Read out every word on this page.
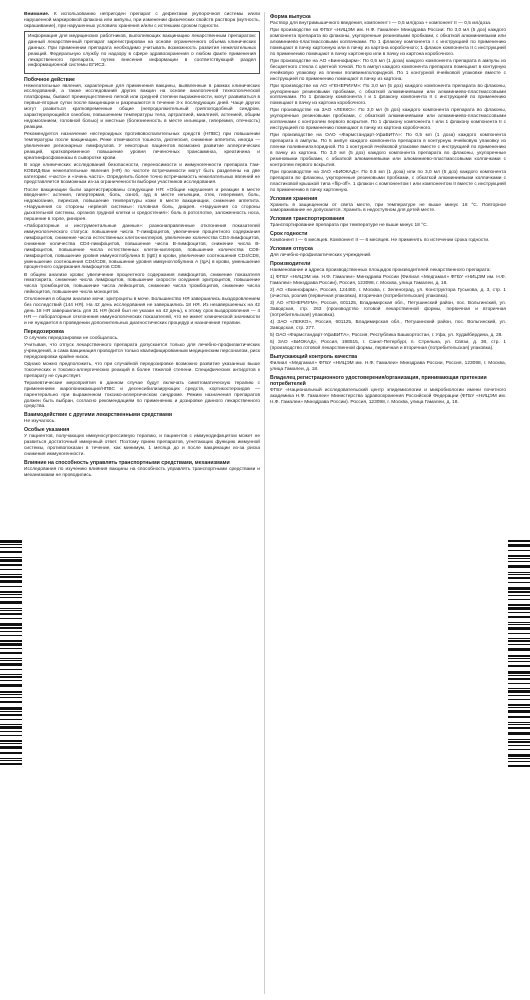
Внимание. К использованию непригоден препарат с дефектами укупорочной системы и/или нарушенной маркировкой флакона или ампулы, при изменении физических свойств раствора (мутность, окрашивание), при нарушенных условиях хранения и/или с истекшим сроком годности.

Информация для медицинских работников, выполняющих вакцинацию лекарственным препаратом: данный лекарственный препарат зарегистрирован на основе ограниченного объема клинических данных. При применении препарата необходимо учитывать возможность развития нежелательных реакций. Федеральную службу по надзору в сфере здравоохранения о любом факте применения лекарственного препарата, путем внесения информации в соответствующий раздел информационной системы ЕГИСЗ.

Побочное действие

Нежелательные явления, характерные для применения вакцины, выявленные в рамках клинических исследований, а также исследований других вакцин на основе аналогичной технологической платформы, бывают преимущественно легкой или средней степени выраженности, могут развиваться в первые-вторые сутки после вакцинации и разрешаются в течение 3-х последующих дней. Чаще других могут развиться кратковременные общие (непродолжительный гриппоподобный синдром, характеризующийся ознобом, повышением температуры тела, артралгией, миалгией, астенией, общим недомоганием, головной болью) и местные (болезненность в месте инъекции, гиперемия, отечность) реакции.

Рекомендуется назначение нестероидных противовоспалительных средств (НПВС) при повышении температуры после вакцинации. Реже отмечаются тошнота, диспепсия, снижение аппетита, иногда — увеличение регионарных лимфоузлов. У некоторых пациентов возможно развитие аллергических реакций, кратковременное повышение уровня печеночных трансаминаз, креатинина и креатинфосфокиназы в сыворотке крови.

В ходе клинических исследований безопасности, переносимости и иммуногенности препарата Гам-КОВИД-Вак нежелательные явления (НЯ) по частоте встречаемости могут быть разделены на две категории: «часто» и «очень часто». Определить более точно встречаемость нежелательных явлений не представляется возможным из-за ограниченности выборки участников исследования.

После вакцинации были зарегистрированы следующие НЯ: «Общие нарушения и реакции в месте введения»: астения, гипертермия, боль, озноб, зуд в месте инъекции, отек, гиперемия, боль, недомогание, пирексия, повышение температуры кожи в месте вакцинации, снижение аппетита. «Нарушения со стороны нервной системы»: головная боль, диарея. «Нарушения со стороны дыхательной системы, органов грудной клетки и средостения»: боль в ротоглотке, заложенность носа, першение в горле, ринорея.

«Лабораторные и инструментальные данные»: разнонаправленные отклонения показателей иммунологического статуса: повышение числа Т-лимфоцитов, увеличение процентного содержания лимфоцитов, снижение числа естественных клеток-киллеров, увеличение количества CD4-лимфоцитов, снижение количества CD4-лимфоцитов, повышение числа В-лимфоцитов, снижение числа В-лимфоцитов, повышение числа естественных клеток-киллеров, повышение количества CD8-лимфоцитов, повышение уровня иммуноглобулина Е (IgE) в крови, увеличение соотношения CD4/CD8, уменьшение соотношения CD4/CD8, повышение уровня иммуноглобулина А (IgA) в крови, уменьшение процентного содержания лимфоцитов CD8.

В общем анализе крови: увеличение процентного содержания лимфоцитов, снижение показателя гематокрита, снижение числа лимфоцитов, повышение скорости оседания эритроцитов, повышение числа тромбоцитов, повышение числа лейкоцитов, снижение числа тромбоцитов, снижение числа лейкоцитов, повышение числа моноцитов.

Отклонения в общем анализе мочи: эритроциты в моче. Большинство НЯ завершились выздоровлением без последствий (144 НЯ). На 42 день исследования не завершились 18 НЯ. Из незавершенных на 42 день 18 НЯ завершились для 31 НЯ (всей был не указан на 42 день), к этому срок выздоровления — 4 НЯ — лабораторные отклонения иммунологических показателей, что не имеет клинической значимости и не нуждается в проведении дополнительных диагностических процедур и назначения терапии.

Передозировка

О случаях передозировки не сообщалось.

Учитывая, что отпуск лекарственного препарата допускается только для лечебно-профилактических учреждений, а сама вакцинация проводится только квалифицированным медицинским персоналом, риск передозировки крайне низок.

Однако можно предположить, что при случайной передозировке возможно развитие указанных выше токсических и токсико-аллергических реакций в более тяжелой степени. Специфических антидотов к препарату не существует.

Терапевтические мероприятия в данном случае будут включать симптоматическую терапию с применением жаропонижающих/НПВС и десенсибилизирующих средств, кортикостероидов — парентерально при выраженном токсико-аллергическом синдроме. Режим назначения препаратов должен быть выбран, согласно рекомендациям по применению и дозировке данного лекарственного средства.

Взаимодействие с другими лекарственными средствами

Не изучалось.

Особые указания

У пациентов, получающих иммуносупрессивную терапию, и пациентов с иммунодефицитом может не развиться достаточный иммунный ответ. Поэтому прием препаратов, угнетающих функцию иммунной системы, противопоказан в течение, как минимум, 1 месяца до и после вакцинации из-за риска снижения иммуногенности.

Влияние на способность управлять транспортными средствами, механизмами

Исследования по изучению влияния вакцины на способность управлять транспортными средствами и механизмами не проводились.

Форма выпуска

Раствор для внутримышечного введения, компонент I — 0,5 мл/доза + компонент II — 0,5 мл/доза.

При производстве на ФГБУ «НИЦЭМ им. Н.Ф. Гамалеи» Минздрава России: По 3,0 мл (5 доз) каждого компонента препарата во флаконы, укупоренные резиновыми пробками, с обкаткой алюминиевыми или алюминиево-пластмассовыми колпачками. По 1 флакону компонента I с инструкцией по применению помещают в пачку картонную или в пачку из картона коробочного; 1 флакон компонента II с инструкцией по применению помещают в пачку картонную или в пачку из картона коробочного.

При производстве на АО «Биннофарм»: По 0,5 мл (1 доза) каждого компонента препарата в ампулы из бесцветного стекла с цветной точкой. По 5 ампул каждого компонента препарата помещают в контурную ячейковую упаковку из пленки поливинилхлоридной. По 1 контурной ячейковой упаковке вместе с инструкцией по применению помещают в пачку из картона.

При производстве на АО «ГЕНЕРИУМ»: По 3,0 мл (5 доз) каждого компонента препарата во флаконы, укупоренные резиновыми пробками, с обкаткой алюминиевыми или алюминиево-пластмассовыми колпачками. По 1 флакону компонента I и 1 флакону компонента II с инструкцией по применению помещают в пачку из картона коробочного.

При производстве на ЗАО «ЛЕККО»: По 3,0 мл (5 доз) каждого компонента препарата во флаконы, укупоренные резиновыми пробками, с обкаткой алюминиевыми или алюминиево-пластмассовыми колпачками с контролем первого вскрытия. По 1 флакону компонента I или 1 флакону компонента II с инструкцией по применению помещают в пачку из картона коробочного.

При производстве на ОАО «Фармстандарт-УфаВИТА»: По 0,5 мл (1 доза) каждого компонента препарата в ампулы. По 5 ампул каждого компонента препарата в контурную ячейковую упаковку из пленки поливинилхлоридной. По 1 контурной ячейковой упаковке вместе с инструкцией по применению в пачку из картона. По 3,0 мл (5 доз) каждого компонента препарата во флаконы, укупоренные резиновыми пробками, с обкаткой алюминиевыми или алюминиево-пластмассовыми колпачками с контролем первого вскрытия.

При производстве на ЗАО «БИОКАД»: По 0,5 мл (1 доза) или по 3,0 мл (5 доз) каждого компонента препарата во флаконы, укупоренные резиновыми пробками, с обкаткой алюминиевыми колпачками с пластиковой крышкой типа «flip-off». 1 флакон с компонентом I или компонентом II вместе с инструкцией по применению в пачку картонную.

Условия хранения

Хранить в защищенном от света месте, при температуре не выше минус 18 °С. Повторное замораживание не допускается. Хранить в недоступном для детей месте.

Условия транспортирования

Транспортирование препарата при температуре не выше минус 18 °С.

Срок годности

Компонент I — 6 месяцев. Компонент II — 6 месяцев. Не применять по истечении срока годности.

Условия отпуска

Для лечебно-профилактических учреждений.

Производители

Наименование и адреса производственных площадок производителей лекарственного препарата:

1) ФГБУ «НИЦЭМ им. Н.Ф. Гамалеи» Минздрава России (Филиал «Медгамал» ФГБУ «НИЦЭМ им. Н.Ф. Гамалеи» Минздрава России), Россия, 123098, г. Москва, улица Гамалеи, д. 18.

2) АО «Биннофарм», Россия, 124460, г. Москва, г. Зеленоград, ул. Конструктора Гуськова, д. 3, стр. 1 (очистка, розлив (первичная упаковка), вторичная (потребительская) упаковка).

3) АО «ГЕНЕРИУМ», Россия, 601125, Владимирская обл., Петушинский район, пос. Вольгинский, ул. Заводская, стр. 263 (производство готовой лекарственной формы, первичная и вторичная (потребительская) упаковка).

4) ЗАО «ЛЕККО», Россия, 601125, Владимирская обл., Петушинский район, пос. Вольгинский, ул. Заводская, стр. 277.

5) ОАО «Фармстандарт-УфаВИТА», Россия, Республика Башкортостан, г. Уфа, ул. Худайбердина, д. 28.

6) ЗАО «БИОКАД», Россия, 198515, г. Санкт-Петербург, п. Стрельна, ул. Связи, д. 38, стр. 1 (производство готовой лекарственной формы, первичная и вторичная (потребительская) упаковка).

Выпускающий контроль качества

Филиал «Медгамал» ФГБУ «НИЦЭМ им. Н.Ф. Гамалеи» Минздрава России, Россия, 123098, г. Москва, улица Гамалеи, д. 18.

Владелец регистрационного удостоверения/организация, принимающая претензии потребителей

ФГБУ «Национальный исследовательский центр эпидемиологии и микробиологии имени почетного академика Н.Ф. Гамалеи» Министерства здравоохранения Российской Федерации (ФГБУ «НИЦЭМ им. Н.Ф. Гамалеи» Минздрава России). Россия, 123098, г. Москва, улица Гамалеи, д. 18.
